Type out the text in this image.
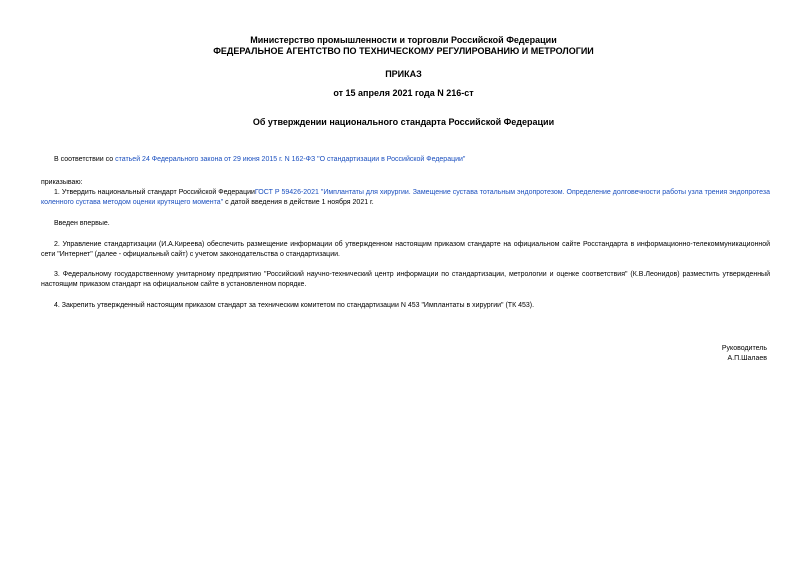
Министерство промышленности и торговли Российской Федерации
ФЕДЕРАЛЬНОЕ АГЕНТСТВО ПО ТЕХНИЧЕСКОМУ РЕГУЛИРОВАНИЮ И МЕТРОЛОГИИ
ПРИКАЗ
от 15 апреля 2021 года N 216-ст
Об утверждении национального стандарта Российской Федерации
В соответствии со статьей 24 Федерального закона от 29 июня 2015 г. N 162-ФЗ "О стандартизации в Российской Федерации"
приказываю:
1. Утвердить национальный стандарт Российской ФедерацииГОСТ Р 59426-2021 "Имплантаты для хирургии. Замещение сустава тотальным эндопротезом. Определение долговечности работы узла трения эндопротеза коленного сустава методом оценки крутящего момента" с датой введения в действие 1 ноября 2021 г.
Введен впервые.
2. Управление стандартизации (И.А.Киреева) обеспечить размещение информации об утвержденном настоящим приказом стандарте на официальном сайте Росстандарта в информационно-телекоммуникационной сети "Интернет" (далее - официальный сайт) с учетом законодательства о стандартизации.
3. Федеральному государственному унитарному предприятию "Российский научно-технический центр информации по стандартизации, метрологии и оценке соответствия" (К.В.Леонидов) разместить утвержденный настоящим приказом стандарт на официальном сайте в установленном порядке.
4. Закрепить утвержденный настоящим приказом стандарт за техническим комитетом по стандартизации N 453 "Имплантаты в хирургии" (ТК 453).
Руководитель
А.П.Шалаев
